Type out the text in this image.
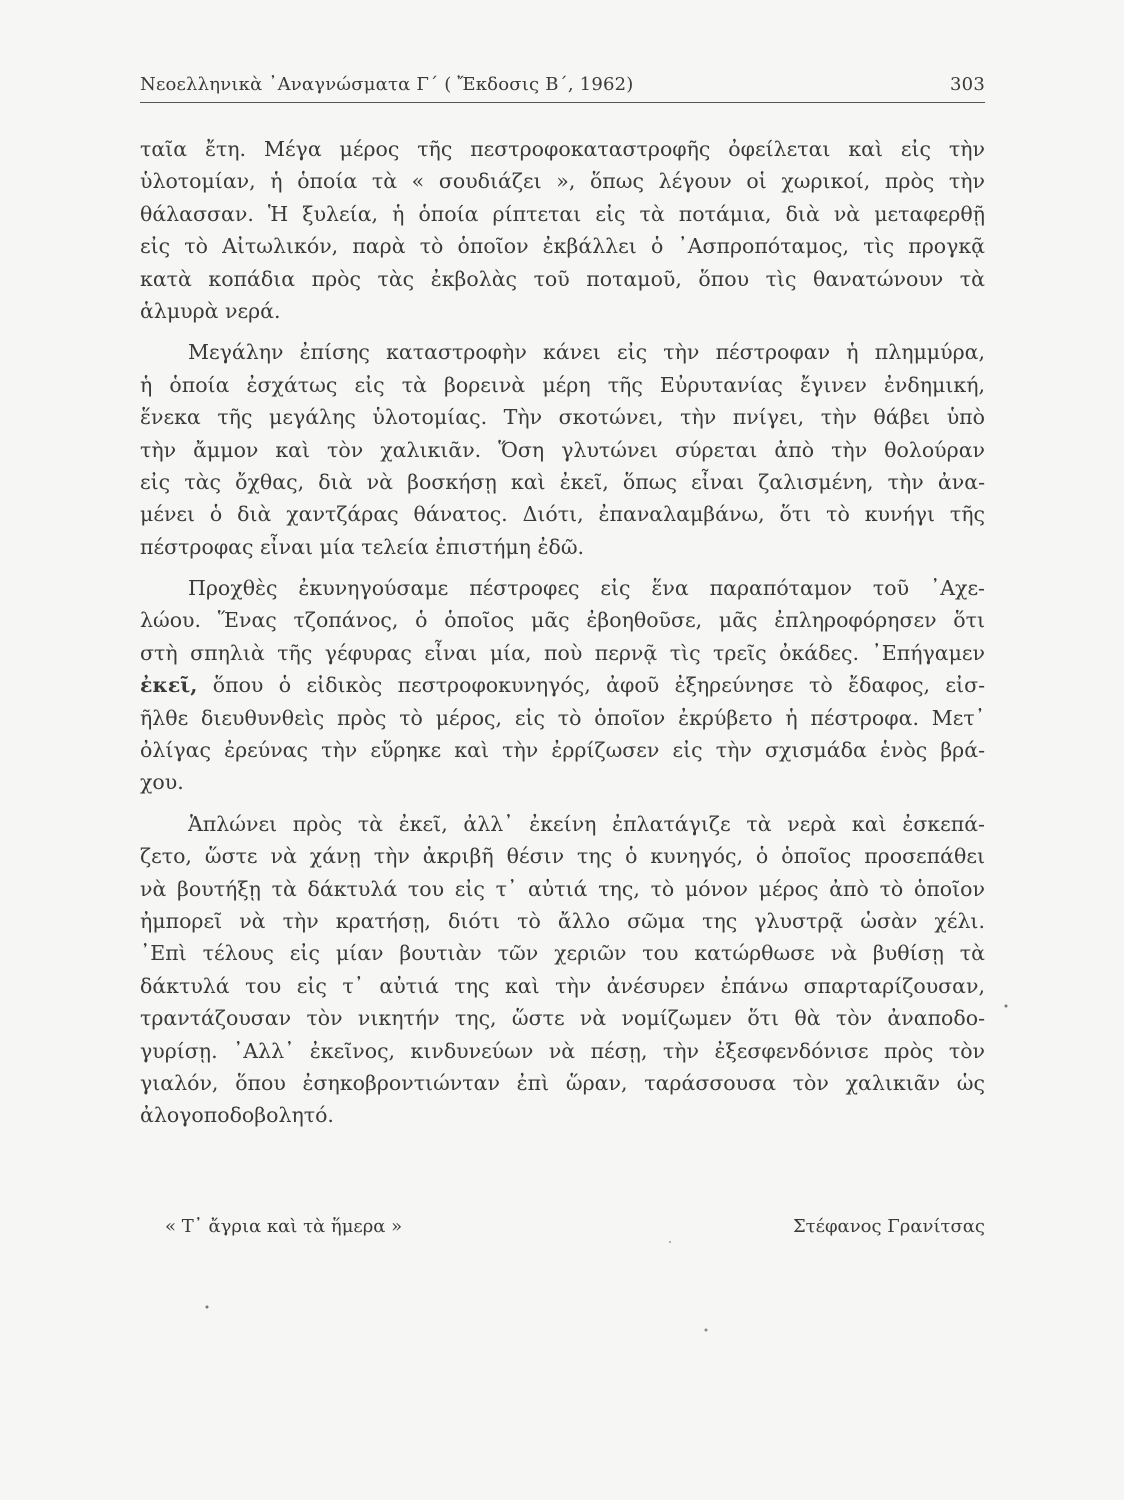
Νεοελληνικὰ ᾿Αναγνώσματα Γ΄ ( Ἔκδοσις Β΄, 1962)	303
ταῖα ἔτη. Μέγα μέρος τῆς πεστροφοκαταστροφῆς ὀφείλεται καὶ εἰς τὴν
ὑλοτομίαν, ἡ ὁποία τὰ « σουδιάζει », ὅπως λέγουν οἱ χωρικοί, πρὸς τὴν
θάλασσαν. Ἡ ξυλεία, ἡ ὁποία ρίπτεται εἰς τὰ ποτάμια, διὰ νὰ μεταφερθῇ
εἰς τὸ Αἰτωλικόν, παρὰ τὸ ὁποῖον ἐκβάλλει ὁ ᾿Ασπροπόταμος, τὶς προγκᾷ
κατὰ κοπάδια πρὸς τὰς ἐκβολὰς τοῦ ποταμοῦ, ὅπου τὶς θανατώνουν τὰ
ἁλμυρὰ νερά.
Μεγάλην ἐπίσης καταστροφὴν κάνει εἰς τὴν πέστροφαν ἡ πλημμύρα,
ἡ ὁποία ἐσχάτως εἰς τὰ βορεινὰ μέρη τῆς Εὐρυτανίας ἔγινεν ἐνδημική,
ἕνεκα τῆς μεγάλης ὑλοτομίας. Τὴν σκοτώνει, τὴν πνίγει, τὴν θάβει ὑπὸ
τὴν ἄμμον καὶ τὸν χαλικιᾶν. Ὅση γλυτώνει σύρεται ἀπὸ τὴν θολούραν
εἰς τὰς ὄχθας, διὰ νὰ βοσκήσῃ καὶ ἐκεῖ, ὅπως εἶναι ζαλισμένη, τὴν ἀνα-
μένει ὁ διὰ χαντζάρας θάνατος. Διότι, ἐπαναλαμβάνω, ὅτι τὸ κυνήγι τῆς
πέστροφας εἶναι μία τελεία ἐπιστήμη ἐδῶ.
Προχθὲς ἐκυνηγούσαμε πέστροφες εἰς ἕνα παραπόταμον τοῦ ᾿Αχε-
λώου. Ἕνας τζοπάνος, ὁ ὁποῖος μᾶς ἐβοηθοῦσε, μᾶς ἐπληροφόρησεν ὅτι
στὴ σπηλιὰ τῆς γέφυρας εἶναι μία, ποὺ περνᾷ τὶς τρεῖς ὀκάδες. ᾿Επήγαμεν
ἐκεῖ, ὅπου ὁ εἰδικὸς πεστροφοκυνηγός, ἀφοῦ ἐξηρεύνησε τὸ ἔδαφος, εἰσ-
ῆλθε διευθυνθεὶς πρὸς τὸ μέρος, εἰς τὸ ὁποῖον ἐκρύβετο ἡ πέστροφα. Μετ᾿
ὀλίγας ἐρεύνας τὴν εὕρηκε καὶ τὴν ἐρρίζωσεν εἰς τὴν σχισμάδα ἑνὸς βρά-
χου.
Ἁπλώνει πρὸς τὰ ἐκεῖ, ἀλλ᾿ ἐκείνη ἐπλατάγιζε τὰ νερὰ καὶ ἐσκεπά-
ζετο, ὥστε νὰ χάνῃ τὴν ἀκριβῆ θέσιν της ὁ κυνηγός, ὁ ὁποῖος προσεπάθει
νὰ βουτήξῃ τὰ δάκτυλά του εἰς τ᾿ αὐτιά της, τὸ μόνον μέρος ἀπὸ τὸ ὁποῖον
ἠμπορεῖ νὰ τὴν κρατήσῃ, διότι τὸ ἄλλο σῶμα της γλυστρᾷ ὡσὰν χέλι.
᾿Επὶ τέλους εἰς μίαν βουτιὰν τῶν χεριῶν του κατώρθωσε νὰ βυθίσῃ τὰ
δάκτυλά του εἰς τ᾿ αὐτιά της καὶ τὴν ἀνέσυρεν ἐπάνω σπαρταρίζουσαν,
τραντάζουσαν τὸν νικητήν της, ὥστε νὰ νομίζωμεν ὅτι θὰ τὸν ἀναποδο-
γυρίσῃ. ᾿Αλλ᾿ ἐκεῖνος, κινδυνεύων νὰ πέσῃ, τὴν ἐξεσφενδόνισε πρὸς τὸν
γιαλόν, ὅπου ἐσηκοβροντιώνταν ἐπὶ ὥραν, ταράσσουσα τὸν χαλικιᾶν ὡς
ἀλογοποδοβολητό.
« Τ᾿ ἄγρια καὶ τὰ ἥμερα »	Στέφανος Γρανίτσας
